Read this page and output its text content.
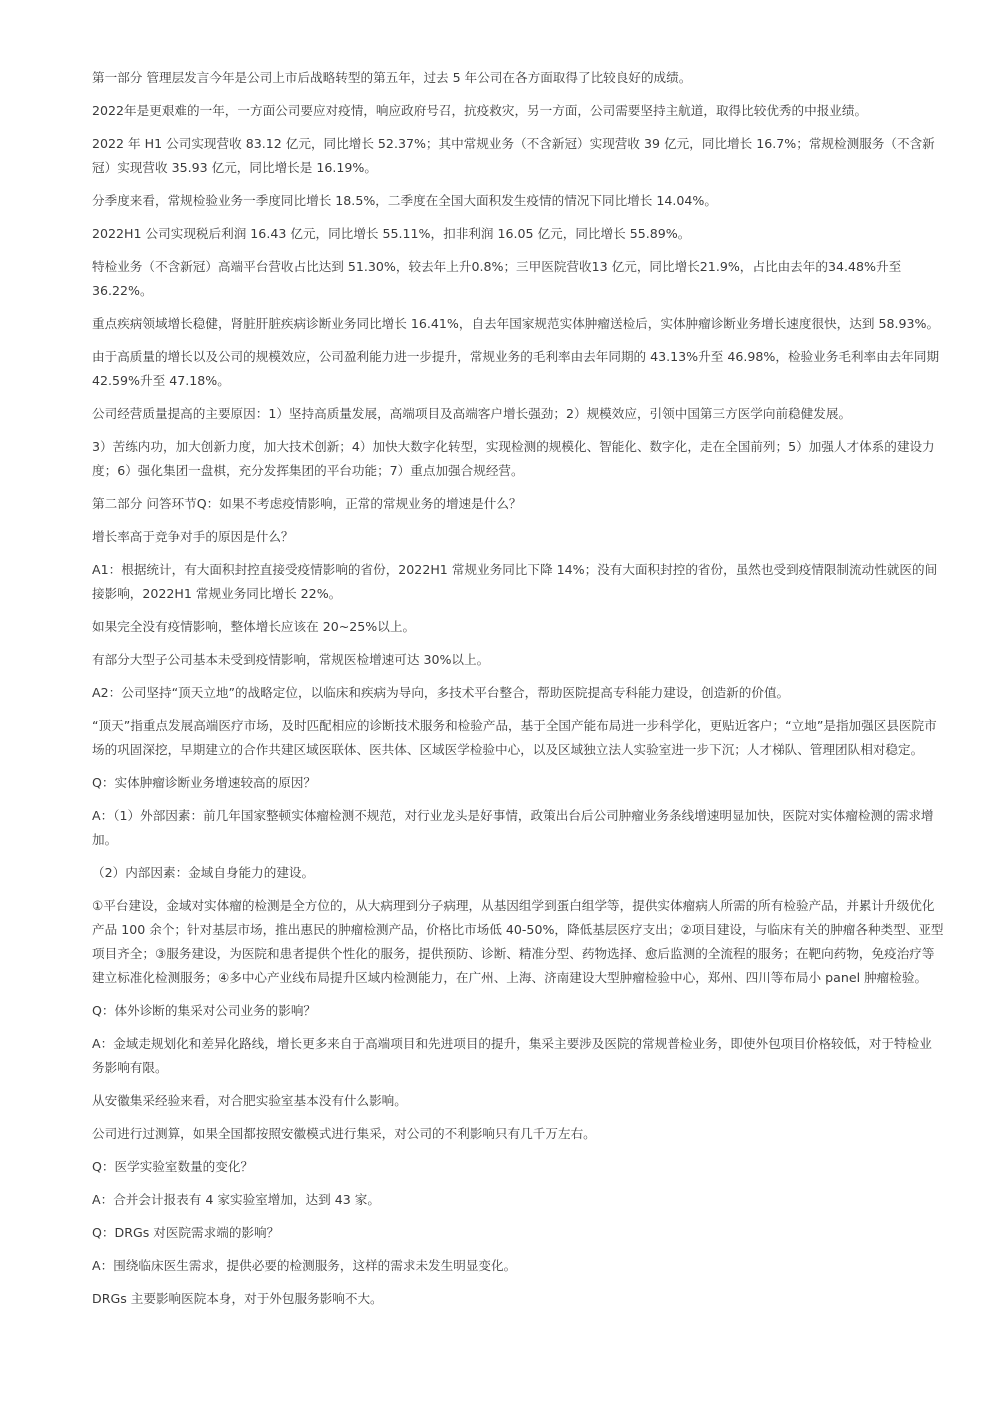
第一部分 管理层发言今年是公司上市后战略转型的第五年，过去 5 年公司在各方面取得了比较良好的成绩。

2022年是更艰难的一年，一方面公司要应对疫情，响应政府号召，抗疫救灾，另一方面，公司需要坚持主航道，取得比较优秀的中报业绩。

2022 年 H1 公司实现营收 83.12 亿元，同比增长 52.37%；其中常规业务（不含新冠）实现营收 39 亿元，同比增长 16.7%；常规检测服务（不含新冠）实现营收 35.93 亿元，同比增长是 16.19%。

分季度来看，常规检验业务一季度同比增长 18.5%，二季度在全国大面积发生疫情的情况下同比增长 14.04%。

2022H1 公司实现税后利润 16.43 亿元，同比增长 55.11%，扣非利润 16.05 亿元，同比增长 55.89%。

特检业务（不含新冠）高端平台营收占比达到 51.30%，较去年上升0.8%；三甲医院营收13 亿元，同比增长21.9%，占比由去年的34.48%升至 36.22%。

重点疾病领域增长稳健，肾脏肝脏疾病诊断业务同比增长 16.41%，自去年国家规范实体肿瘤送检后，实体肿瘤诊断业务增长速度很快，达到 58.93%。

由于高质量的增长以及公司的规模效应，公司盈利能力进一步提升，常规业务的毛利率由去年同期的 43.13%升至 46.98%，检验业务毛利率由去年同期 42.59%升至 47.18%。

公司经营质量提高的主要原因：1）坚持高质量发展，高端项目及高端客户增长强劲；2）规模效应，引领中国第三方医学向前稳健发展。

3）苦练内功，加大创新力度，加大技术创新；4）加快大数字化转型，实现检测的规模化、智能化、数字化，走在全国前列；5）加强人才体系的建设力度；6）强化集团一盘棋，充分发挥集团的平台功能；7）重点加强合规经营。

第二部分 问答环节Q：如果不考虑疫情影响，正常的常规业务的增速是什么？

增长率高于竞争对手的原因是什么？

A1：根据统计，有大面积封控直接受疫情影响的省份，2022H1 常规业务同比下降 14%；没有大面积封控的省份，虽然也受到疫情限制流动性就医的间接影响，2022H1 常规业务同比增长 22%。

如果完全没有疫情影响，整体增长应该在 20~25%以上。

有部分大型子公司基本未受到疫情影响，常规医检增速可达 30%以上。

A2：公司坚持“顶天立地”的战略定位，以临床和疾病为导向，多技术平台整合，帮助医院提高专科能力建设，创造新的价值。

“顶天”指重点发展高端医疗市场，及时匹配相应的诊断技术服务和检验产品，基于全国产能布局进一步科学化，更贴近客户；“立地”是指加强区县医院市场的巩固深挖，早期建立的合作共建区域医联体、医共体、区域医学检验中心，以及区域独立法人实验室进一步下沉；人才梯队、管理团队相对稳定。

Q：实体肿瘤诊断业务增速较高的原因？

A：（1）外部因素：前几年国家整顿实体瘤检测不规范，对行业龙头是好事情，政策出台后公司肿瘤业务条线增速明显加快，医院对实体瘤检测的需求增加。

（2）内部因素：金域自身能力的建设。

①平台建设，金域对实体瘤的检测是全方位的，从大病理到分子病理，从基因组学到蛋白组学等，提供实体瘤病人所需的所有检验产品，并累计升级优化产品 100 余个；针对基层市场，推出惠民的肿瘤检测产品，价格比市场低 40-50%，降低基层医疗支出；②项目建设，与临床有关的肿瘤各种类型、亚型项目齐全；③服务建设，为医院和患者提供个性化的服务，提供预防、诊断、精准分型、药物选择、愈后监测的全流程的服务；在靶向药物，免疫治疗等建立标准化检测服务；④多中心产业线布局提升区域内检测能力，在广州、上海、济南建设大型肿瘤检验中心，郑州、四川等布局小 panel 肿瘤检验。

Q：体外诊断的集采对公司业务的影响？

A：金域走规划化和差异化路线，增长更多来自于高端项目和先进项目的提升，集采主要涉及医院的常规普检业务，即使外包项目价格较低，对于特检业务影响有限。

从安徽集采经验来看，对合肥实验室基本没有什么影响。

公司进行过测算，如果全国都按照安徽模式进行集采，对公司的不利影响只有几千万左右。

Q：医学实验室数量的变化？

A：合并会计报表有 4 家实验室增加，达到 43 家。

Q：DRGs 对医院需求端的影响？

A：围绕临床医生需求，提供必要的检测服务，这样的需求未发生明显变化。

DRGs 主要影响医院本身，对于外包服务影响不大。
